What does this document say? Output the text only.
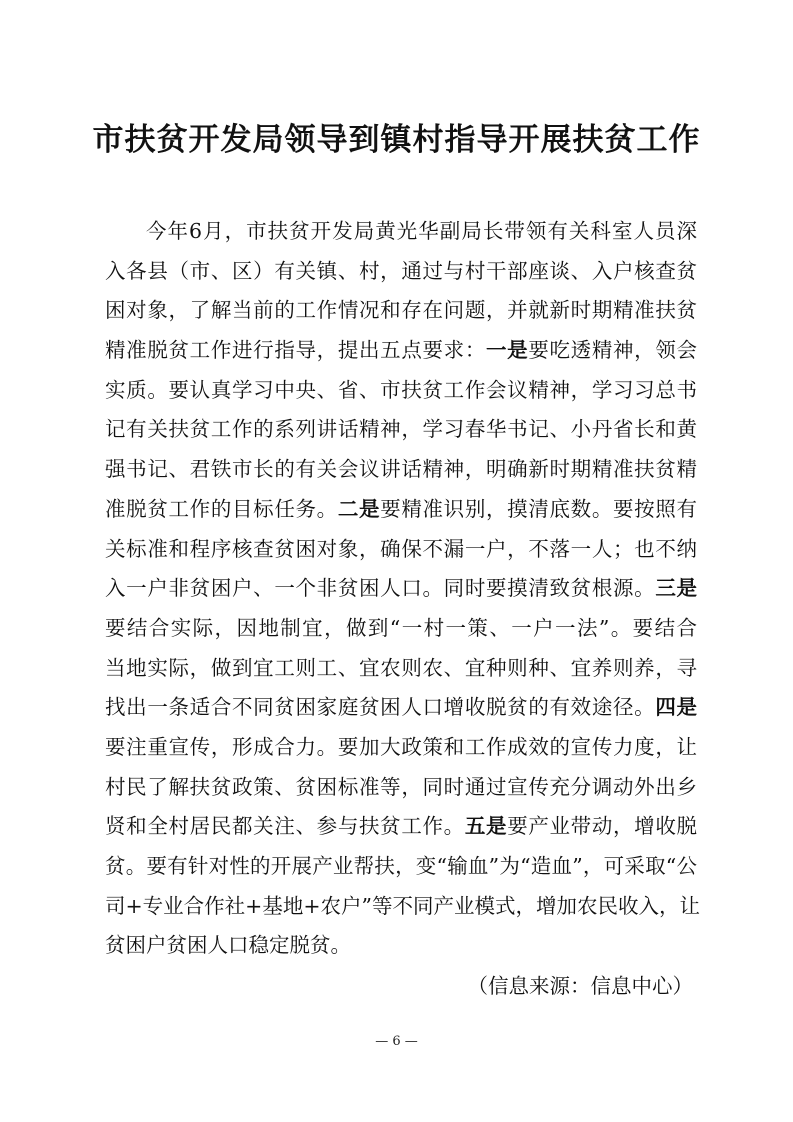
市扶贫开发局领导到镇村指导开展扶贫工作
今年6月，市扶贫开发局黄光华副局长带领有关科室人员深
入各县（市、区）有关镇、村，通过与村干部座谈、入户核查贫
困对象，了解当前的工作情况和存在问题，并就新时期精准扶贫
精准脱贫工作进行指导，提出五点要求：一是要吃透精神，领会
实质。要认真学习中央、省、市扶贫工作会议精神，学习习总书
记有关扶贫工作的系列讲话精神，学习春华书记、小丹省长和黄
强书记、君铁市长的有关会议讲话精神，明确新时期精准扶贫精
准脱贫工作的目标任务。二是要精准识别，摸清底数。要按照有
关标准和程序核查贫困对象，确保不漏一户，不落一人；也不纳
入一户非贫困户、一个非贫困人口。同时要摸清致贫根源。三是
要结合实际，因地制宜，做到“一村一策、一户一法”。要结合
当地实际，做到宜工则工、宜农则农、宜种则种、宜养则养，寻
找出一条适合不同贫困家庭贫困人口增收脱贫的有效途径。四是
要注重宣传，形成合力。要加大政策和工作成效的宣传力度，让
村民了解扶贫政策、贫困标准等，同时通过宣传充分调动外出乡
贤和全村居民都关注、参与扶贫工作。五是要产业带动，增收脱
贫。要有针对性的开展产业帮扶，变“输血”为“造血”，可采取“公
司+专业合作社+基地+农户”等不同产业模式，增加农民收入，让
贫困户贫困人口稳定脱贫。

（信息来源：信息中心）

— 6 —
